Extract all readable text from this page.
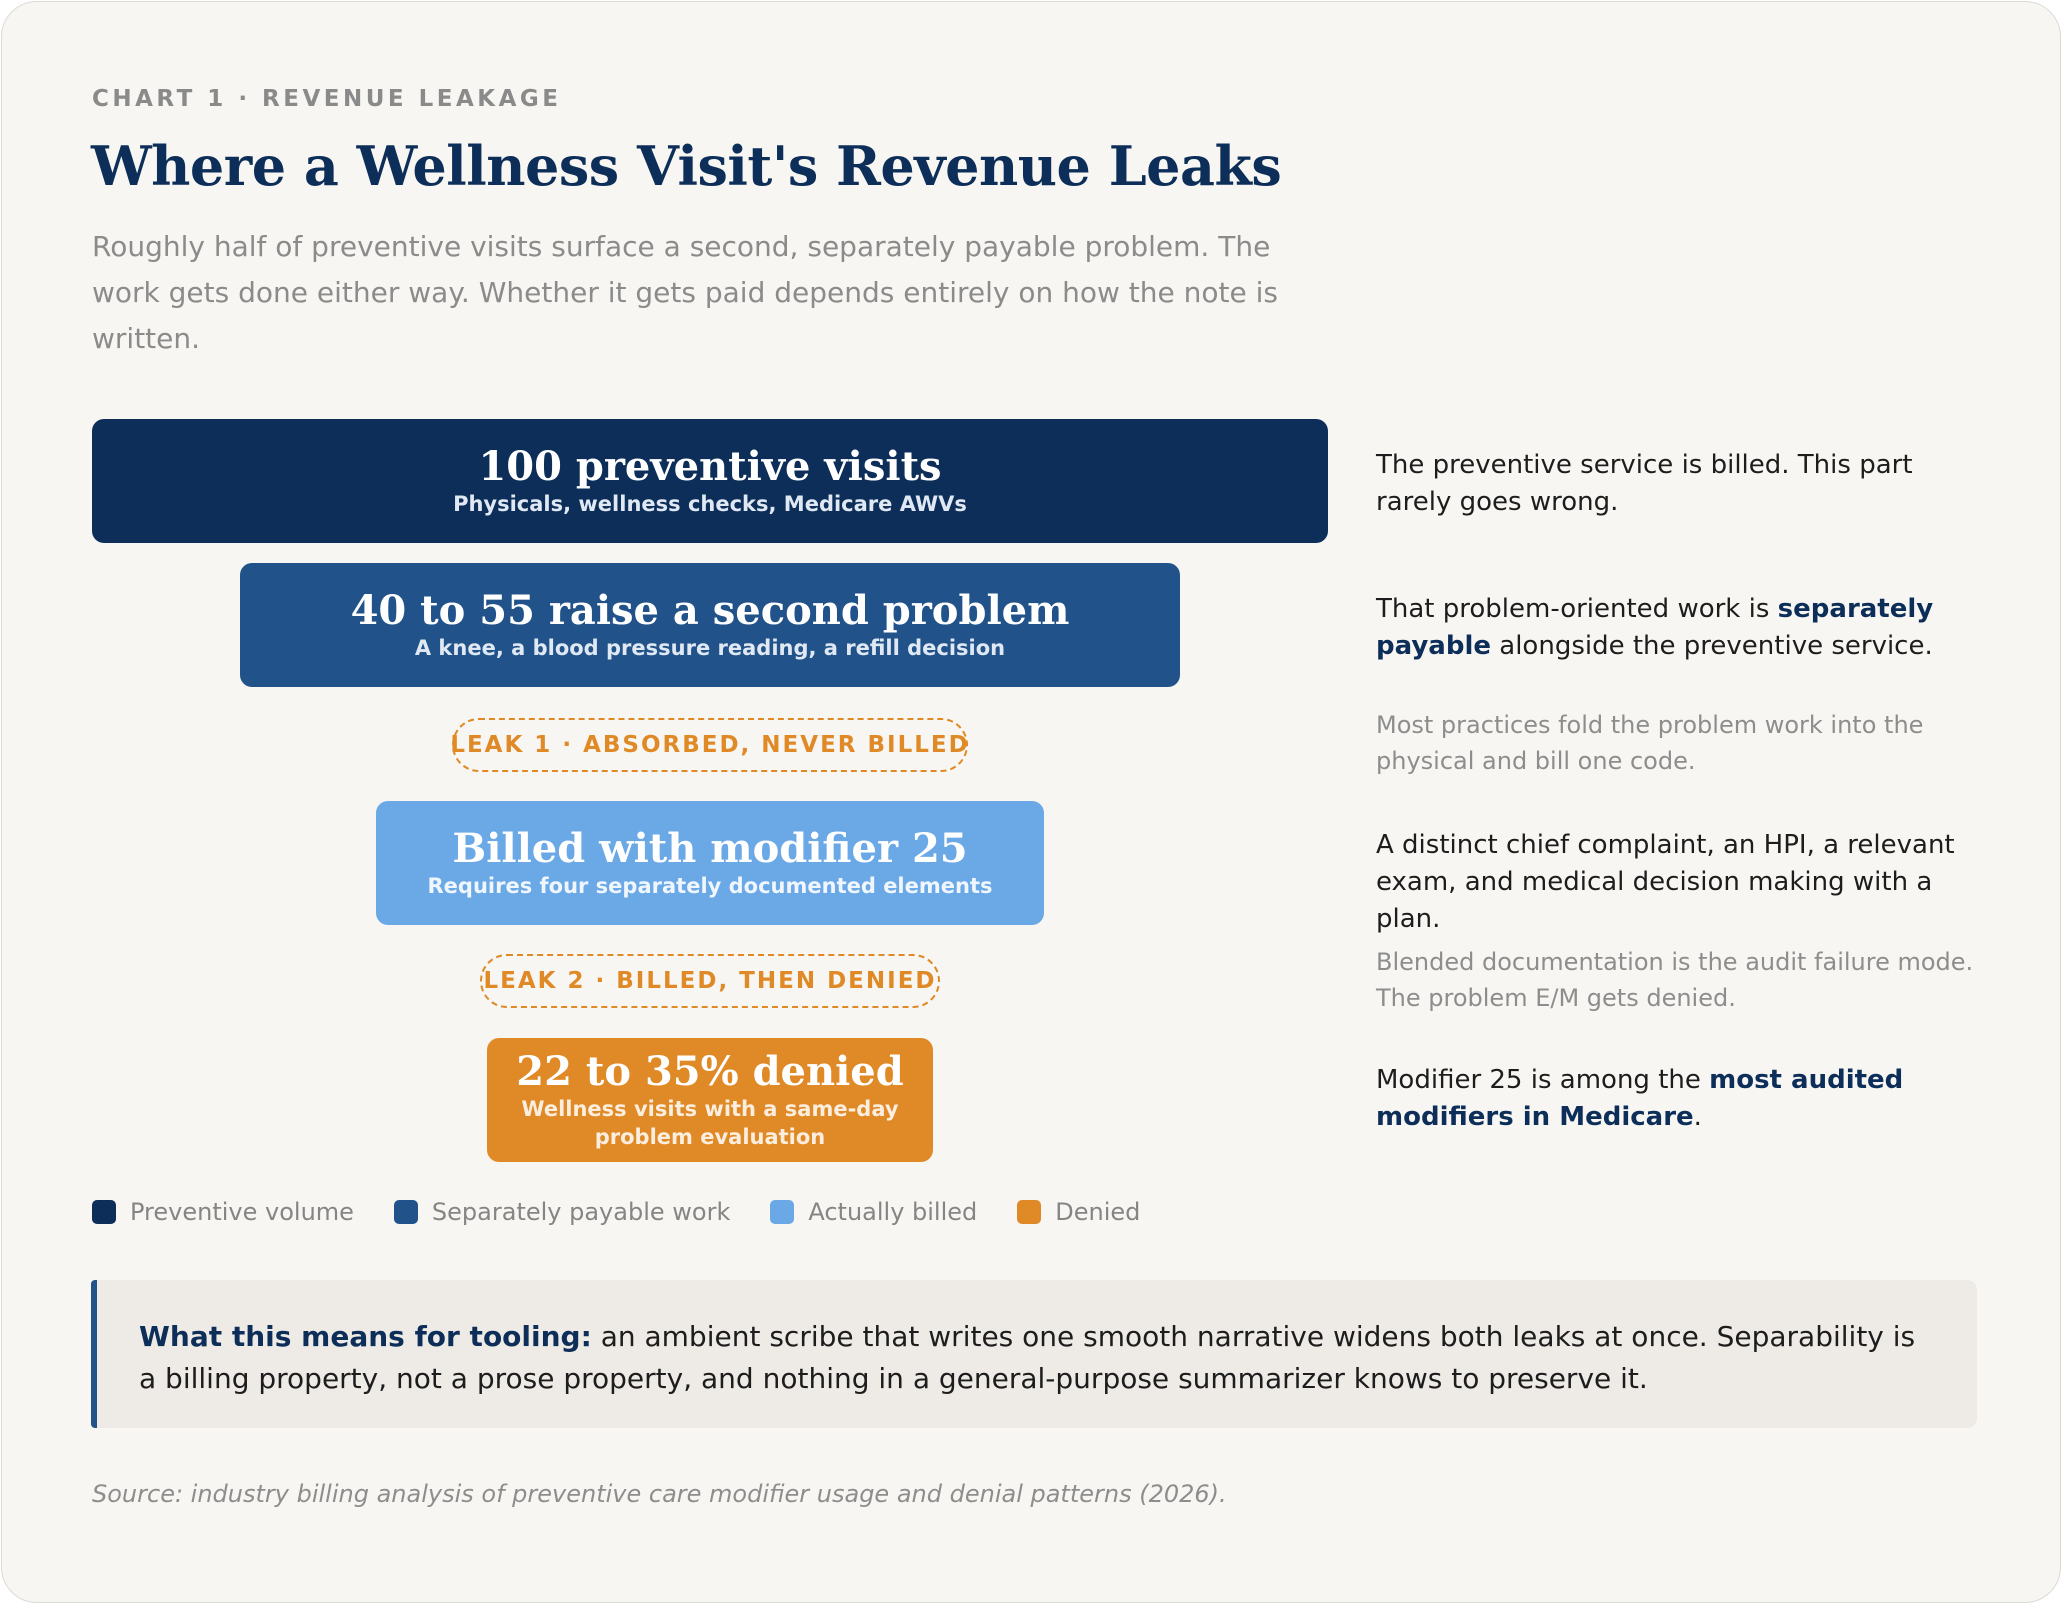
CHART 1 · REVENUE LEAKAGE
Where a Wellness Visit's Revenue Leaks

Roughly half of preventive visits surface a second, separately payable problem. The work gets done either way. Whether it gets paid depends entirely on how the note is written.

100 preventive visits
Physicals, wellness checks, Medicare AWVs
40 to 55 raise a second problem
A knee, a blood pressure reading, a refill decision
LEAK 1 · ABSORBED, NEVER BILLED
Billed with modifier 25
Requires four separately documented elements
LEAK 2 · BILLED, THEN DENIED
22 to 35% denied
Wellness visits with a same-day problem evaluation

The preventive service is billed. This part rarely goes wrong.

That problem-oriented work is separately payable alongside the preventive service.

Most practices fold the problem work into the physical and bill one code.

A distinct chief complaint, an HPI, a relevant exam, and medical decision making with a plan.

Blended documentation is the audit failure mode. The problem E/M gets denied.

Modifier 25 is among the most audited modifiers in Medicare.

Preventive volume	Separately payable work	Actually billed	Denied
What this means for tooling: an ambient scribe that writes one smooth narrative widens both leaks at once. Separability is a billing property, not a prose property, and nothing in a general-purpose summarizer knows to preserve it.

Source: industry billing analysis of preventive care modifier usage and denial patterns (2026).
